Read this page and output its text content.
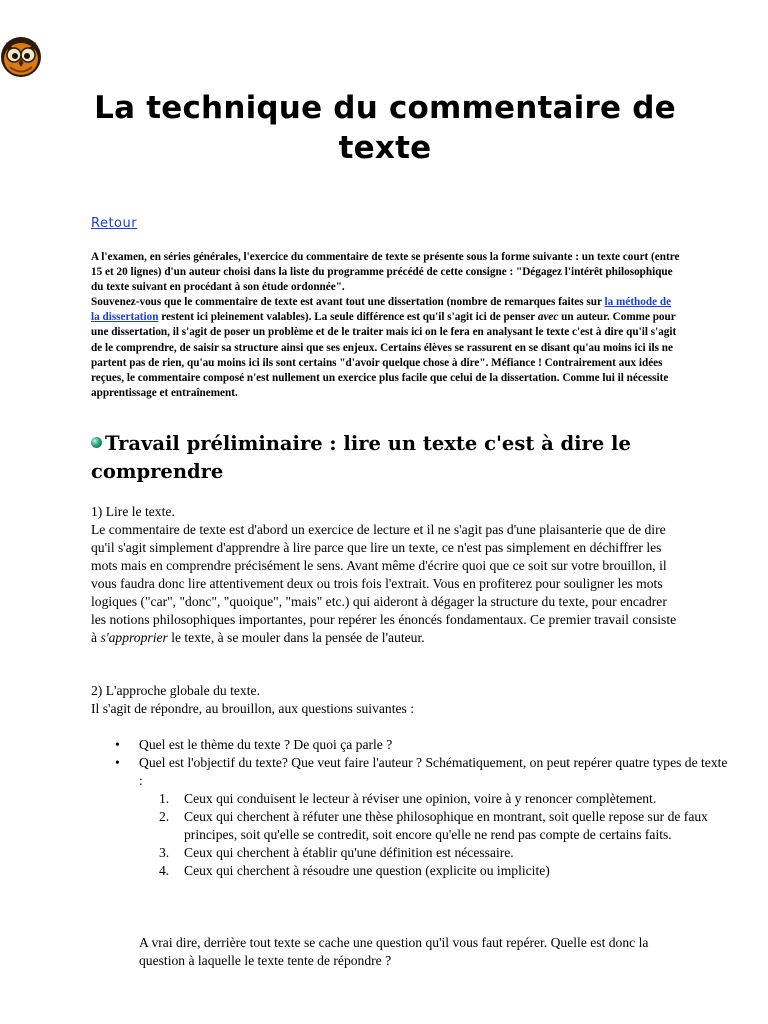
La technique du commentaire de texte
Retour

A l'examen, en séries générales, l'exercice du commentaire de texte se présente sous la forme suivante : un texte court (entre 15 et 20 lignes) d'un auteur choisi dans la liste du programme précédé de cette consigne : "Dégagez l'intérêt philosophique du texte suivant en procédant à son étude ordonnée".
Souvenez-vous que le commentaire de texte est avant tout une dissertation (nombre de remarques faites sur la méthode de la dissertation restent ici pleinement valables). La seule différence est qu'il s'agit ici de penser avec un auteur. Comme pour une dissertation, il s'agit de poser un problème et de le traiter mais ici on le fera en analysant le texte c'est à dire qu'il s'agit de le comprendre, de saisir sa structure ainsi que ses enjeux. Certains élèves se rassurent en se disant qu'au moins ici ils ne partent pas de rien, qu'au moins ici ils sont certains "d'avoir quelque chose à dire". Méfiance ! Contrairement aux idées reçues, le commentaire composé n'est nullement un exercice plus facile que celui de la dissertation. Comme lui il nécessite apprentissage et entraînement.

Travail préliminaire : lire un texte c'est à dire le comprendre

1) Lire le texte.
Le commentaire de texte est d'abord un exercice de lecture et il ne s'agit pas d'une plaisanterie que de dire qu'il s'agit simplement d'apprendre à lire parce que lire un texte, ce n'est pas simplement en déchiffrer les mots mais en comprendre précisément le sens. Avant même d'écrire quoi que ce soit sur votre brouillon, il vous faudra donc lire attentivement deux ou trois fois l'extrait. Vous en profiterez pour souligner les mots logiques ("car", "donc", "quoique", "mais" etc.) qui aideront à dégager la structure du texte, pour encadrer les notions philosophiques importantes, pour repérer les énoncés fondamentaux. Ce premier travail consiste à s'approprier le texte, à se mouler dans la pensée de l'auteur.

2) L'approche globale du texte.
Il s'agit de répondre, au brouillon, aux questions suivantes :

• Quel est le thème du texte ? De quoi ça parle ?
• Quel est l'objectif du texte? Que veut faire l'auteur ? Schématiquement, on peut repérer quatre types de texte :
1. Ceux qui conduisent le lecteur à réviser une opinion, voire à y renoncer complètement.
2. Ceux qui cherchent à réfuter une thèse philosophique en montrant, soit quelle repose sur de faux principes, soit qu'elle se contredit, soit encore qu'elle ne rend pas compte de certains faits.
3. Ceux qui cherchent à établir qu'une définition est nécessaire.
4. Ceux qui cherchent à résoudre une question (explicite ou implicite)

A vrai dire, derrière tout texte se cache une question qu'il vous faut repérer. Quelle est donc la question à laquelle le texte tente de répondre ?
